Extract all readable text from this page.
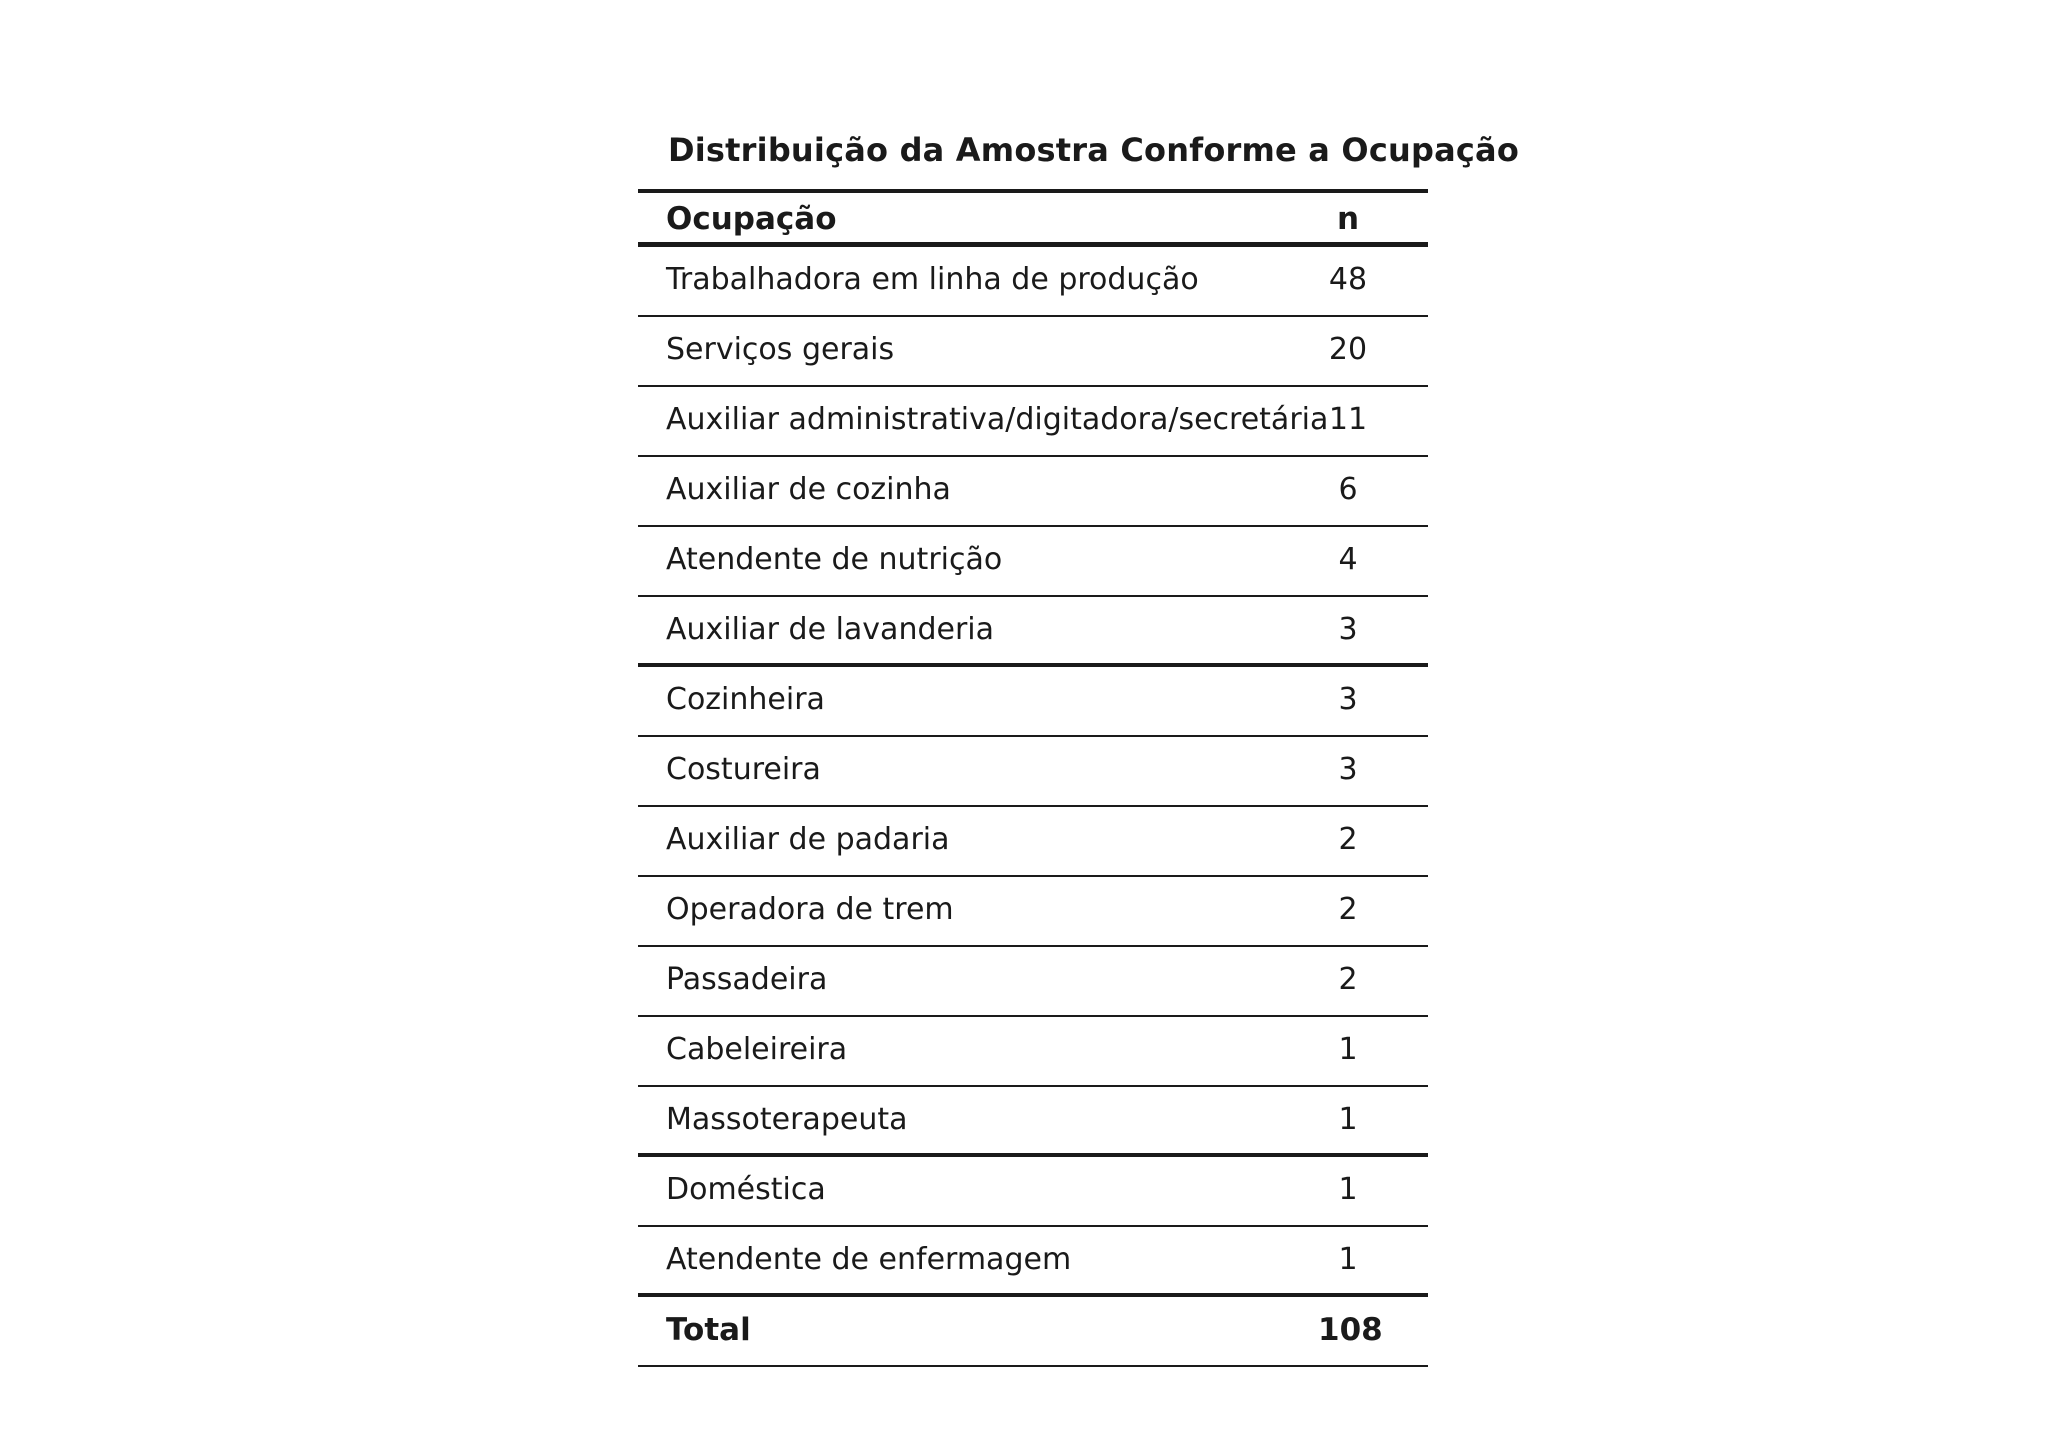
Distribuição da Amostra Conforme a Ocupação
Ocupação	n
Trabalhadora em linha de produção	48
Serviços gerais	20
Auxiliar administrativa/digitadora/secretária 11
Auxiliar de cozinha	6
Atendente de nutrição	4
Auxiliar de lavanderia	3
Cozinheira	3
Costureira	3
Auxiliar de padaria	2
Operadora de trem	2
Passadeira	2
Cabeleireira	1
Massoterapeuta	1
Doméstica	1
Atendente de enfermagem	1
Total	108
